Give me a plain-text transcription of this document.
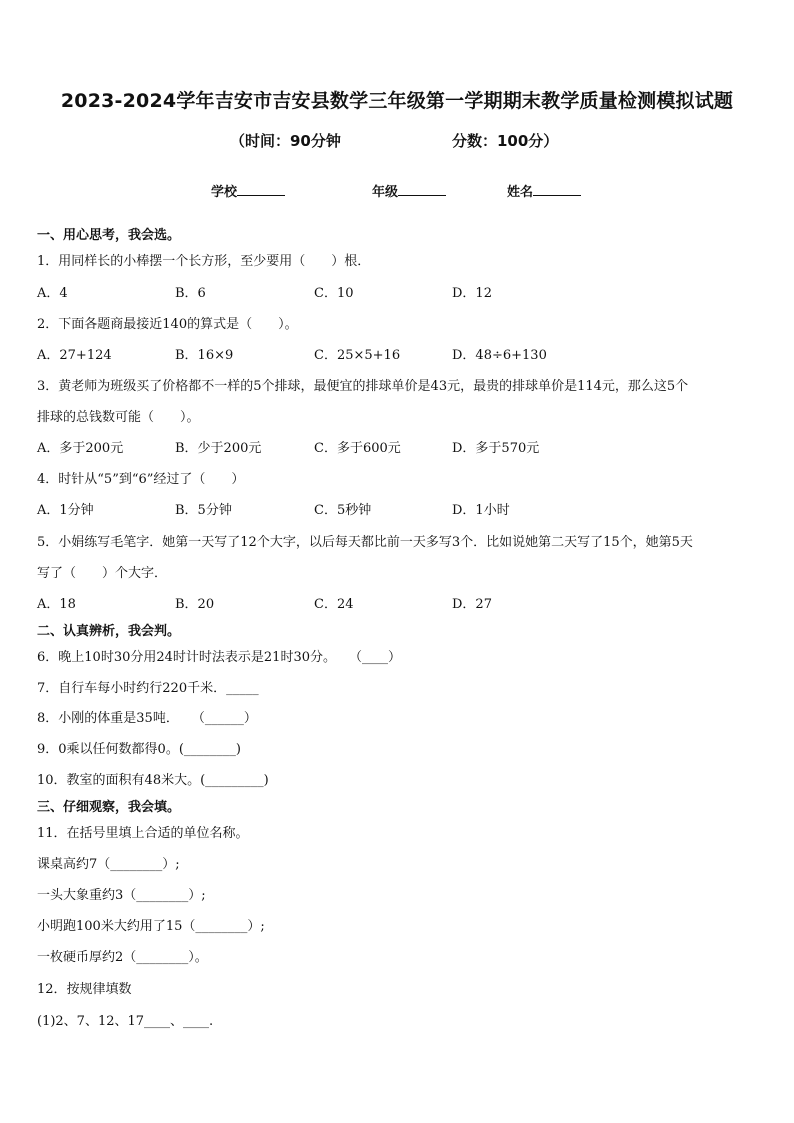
2023-2024学年吉安市吉安县数学三年级第一学期期末教学质量检测模拟试题
（时间：90分钟	分数：100分）
学校	年级	姓名
一、用心思考，我会选。
1．用同样长的小棒摆一个长方形，至少要用（　　）根．
A．4	B．6	C．10	D．12
2．下面各题商最接近140的算式是（　　）。
A．27+124	B．16×9	C．25×5+16	D．48÷6+130
3．黄老师为班级买了价格都不一样的5个排球，最便宜的排球单价是43元，最贵的排球单价是114元，那么这5个
排球的总钱数可能（　　）。
A．多于200元	B．少于200元	C．多于600元	D．多于570元
4．时针从“5”到“6”经过了（　　）
A．1分钟	B．5分钟	C．5秒钟	D．1小时
5．小娟练写毛笔字．她第一天写了12个大字，以后每天都比前一天多写3个．比如说她第二天写了15个，她第5天
写了（　　）个大字．
A．18	B．20	C．24	D．27
二、认真辨析，我会判。
6．晚上10时30分用24时计时法表示是21时30分。　　（____）
7．自行车每小时约行220千米．_____
8．小刚的体重是35吨．　　（______）
9．0乘以任何数都得0。(________)
10．教室的面积有48米大。(_________)
三、仔细观察，我会填。
11．在括号里填上合适的单位名称。
课桌高约7（________）;
一头大象重约3（________）;
小明跑100米大约用了15（________）;
一枚硬币厚约2（________）。
12．按规律填数
(1)2、7、12、17____、____.
